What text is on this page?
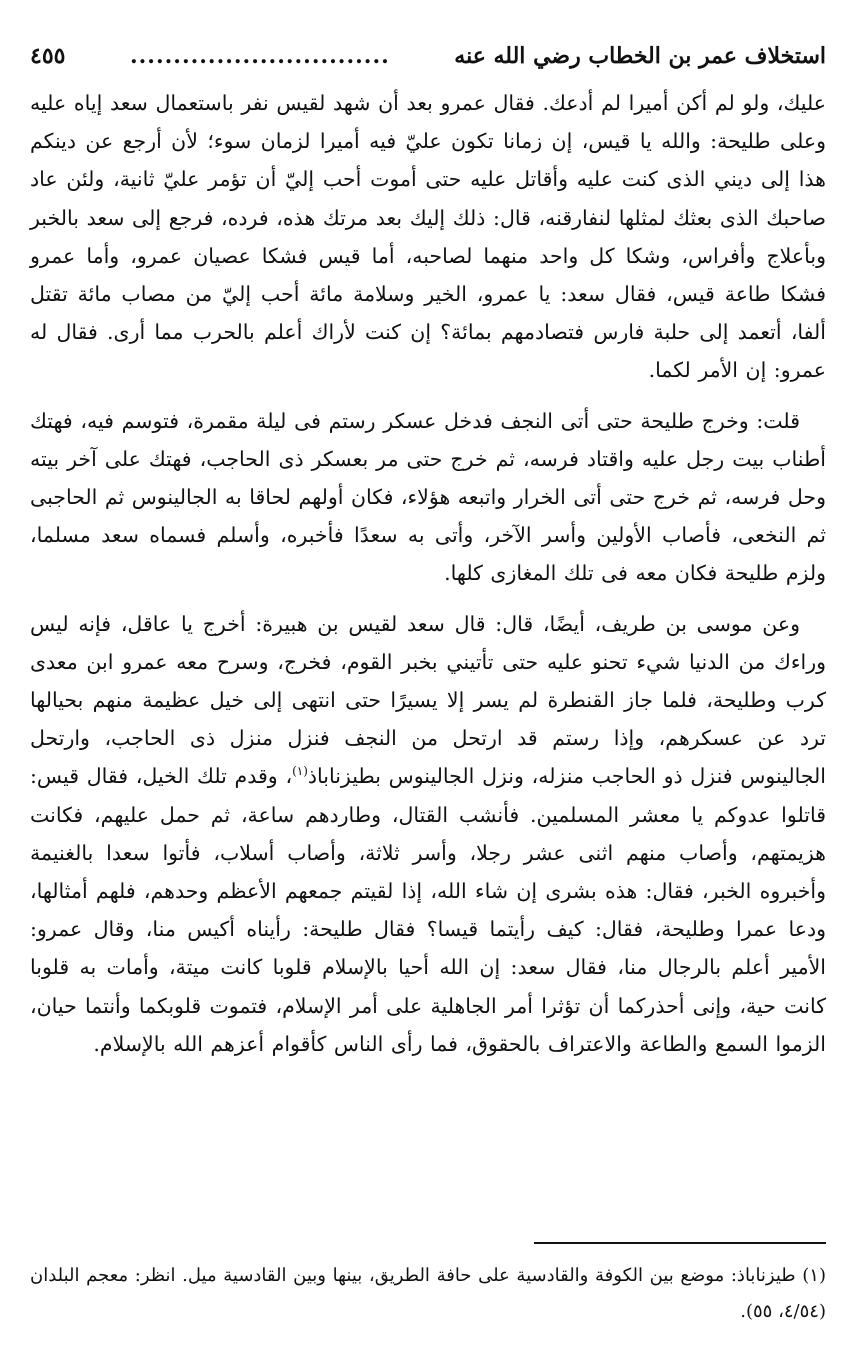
استخلاف عمر بن الخطاب رضي الله عنه
..............................
٤٥٥

عليك، ولو لم أكن أميرا لم أدعك. فقال عمرو بعد أن شهد لقيس نفر باستعمال سعد إياه عليه وعلى طليحة: والله يا قيس، إن زمانا تكون عليّ فيه أميرا لزمان سوء؛ لأن أرجع عن دينكم هذا إلى ديني الذى كنت عليه وأقاتل عليه حتى أموت أحب إليّ أن تؤمر عليّ ثانية، ولئن عاد صاحبك الذى بعثك لمثلها لنفارقنه، قال: ذلك إليك بعد مرتك هذه، فرده، فرجع إلى سعد بالخبر وبأعلاج وأفراس، وشكا كل واحد منهما لصاحبه، أما قيس فشكا عصيان عمرو، وأما عمرو فشكا طاعة قيس، فقال سعد: يا عمرو، الخير وسلامة مائة أحب إليّ من مصاب مائة تقتل ألفا، أتعمد إلى حلبة فارس فتصادمهم بمائة؟ إن كنت لأراك أعلم بالحرب مما أرى. فقال له عمرو: إن الأمر لكما.

قلت: وخرج طليحة حتى أتى النجف فدخل عسكر رستم فى ليلة مقمرة، فتوسم فيه، فهتك أطناب بيت رجل عليه واقتاد فرسه، ثم خرج حتى مر بعسكر ذى الحاجب، فهتك على آخر بيته وحل فرسه، ثم خرج حتى أتى الخرار واتبعه هؤلاء، فكان أولهم لحاقا به الجالينوس ثم الحاجبى ثم النخعى، فأصاب الأولين وأسر الآخر، وأتى به سعدًا فأخبره، وأسلم فسماه سعد مسلما، ولزم طليحة فكان معه فى تلك المغازى كلها.

وعن موسى بن طريف، أيضًا، قال: قال سعد لقيس بن هبيرة: أخرج يا عاقل، فإنه ليس وراءك من الدنيا شيء تحنو عليه حتى تأتيني بخبر القوم، فخرج، وسرح معه عمرو ابن معدى كرب وطليحة، فلما جاز القنطرة لم يسر إلا يسيرًا حتى انتهى إلى خيل عظيمة منهم بحيالها ترد عن عسكرهم، وإذا رستم قد ارتحل من النجف فنزل منزل ذى الحاجب، وارتحل الجالينوس فنزل ذو الحاجب منزله، ونزل الجالينوس بطيزناباذ$^{(١)}$، وقدم تلك الخيل، فقال قيس: قاتلوا عدوكم يا معشر المسلمين. فأنشب القتال، وطاردهم ساعة، ثم حمل عليهم، فكانت هزيمتهم، وأصاب منهم اثنى عشر رجلا، وأسر ثلاثة، وأصاب أسلاب، فأتوا سعدا بالغنيمة وأخبروه الخبر، فقال: هذه بشرى إن شاء الله، إذا لقيتم جمعهم الأعظم وحدهم، فلهم أمثالها، ودعا عمرا وطليحة، فقال: كيف رأيتما قيسا؟ فقال طليحة: رأيناه أكيس منا، وقال عمرو: الأمير أعلم بالرجال منا، فقال سعد: إن الله أحيا بالإسلام قلوبا كانت ميتة، وأمات به قلوبا كانت حية، وإنى أحذركما أن تؤثرا أمر الجاهلية على أمر الإسلام، فتموت قلوبكما وأنتما حيان، الزموا السمع والطاعة والاعتراف بالحقوق، فما رأى الناس كأقوام أعزهم الله بالإسلام.

(١) طيزناباذ: موضع بين الكوفة والقادسية على حافة الطريق، بينها وبين القادسية ميل. انظر: معجم البلدان (٤/٥٤، ٥٥).
